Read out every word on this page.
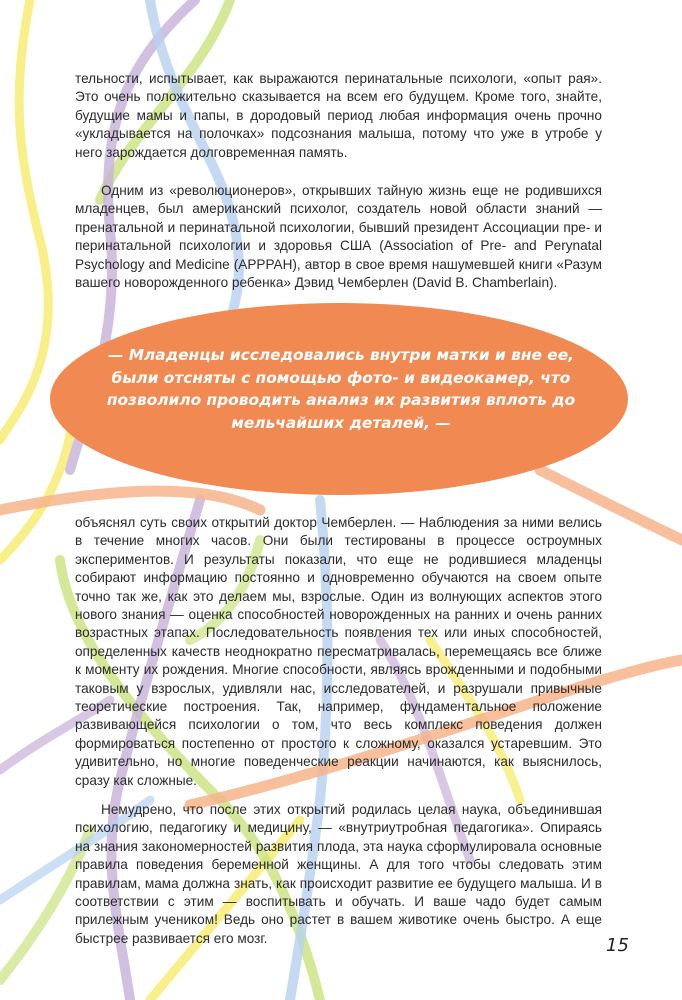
тельности, испытывает, как выражаются перинатальные психологи, «опыт рая». Это очень положительно сказывается на всем его будущем. Кроме того, знайте, будущие мамы и папы, в дородовый период любая информация очень прочно «укладывается на полочках» подсознания малыша, потому что уже в утробе у него зарождается долговременная память.

Одним из «революционеров», открывших тайную жизнь еще не родившихся младенцев, был американский психолог, создатель новой области знаний — пренатальной и перинатальной психологии, бывший президент Ассоциации пре- и перинатальной психологии и здоровья США (Association of Pre- and Perynatal Psychology and Medicine (APPPAH), автор в свое время нашумевшей книги «Разум вашего новорожденного ребенка» Дэвид Чемберлен (David B. Chamberlain).

— Младенцы исследовались внутри матки и вне ее, были отсняты с помощью фото- и видеокамер, что позволило проводить анализ их развития вплоть до мельчайших деталей, —

объяснял суть своих открытий доктор Чемберлен. — Наблюдения за ними велись в течение многих часов. Они были тестированы в процессе остроумных экспериментов. И результаты показали, что еще не родившиеся младенцы собирают информацию постоянно и одновременно обучаются на своем опыте точно так же, как это делаем мы, взрослые. Один из волнующих аспектов этого нового знания — оценка способностей новорожденных на ранних и очень ранних возрастных этапах. Последовательность появления тех или иных способностей, определенных качеств неоднократно пересматривалась, перемещаясь все ближе к моменту их рождения. Многие способности, являясь врожденными и подобными таковым у взрослых, удивляли нас, исследователей, и разрушали привычные теоретические построения. Так, например, фундаментальное положение развивающейся психологии о том, что весь комплекс поведения должен формироваться постепенно от простого к сложному, оказался устаревшим. Это удивительно, но многие поведенческие реакции начинаются, как выяснилось, сразу как сложные.

Немудрено, что после этих открытий родилась целая наука, объединившая психологию, педагогику и медицину, — «внутриутробная педагогика». Опираясь на знания закономерностей развития плода, эта наука сформулировала основные правила поведения беременной женщины. А для того чтобы следовать этим правилам, мама должна знать, как происходит развитие ее будущего малыша. И в соответствии с этим — воспитывать и обучать. И ваше чадо будет самым прилежным учеником! Ведь оно растет в вашем животике очень быстро. А еще быстрее развивается его мозг.	15
